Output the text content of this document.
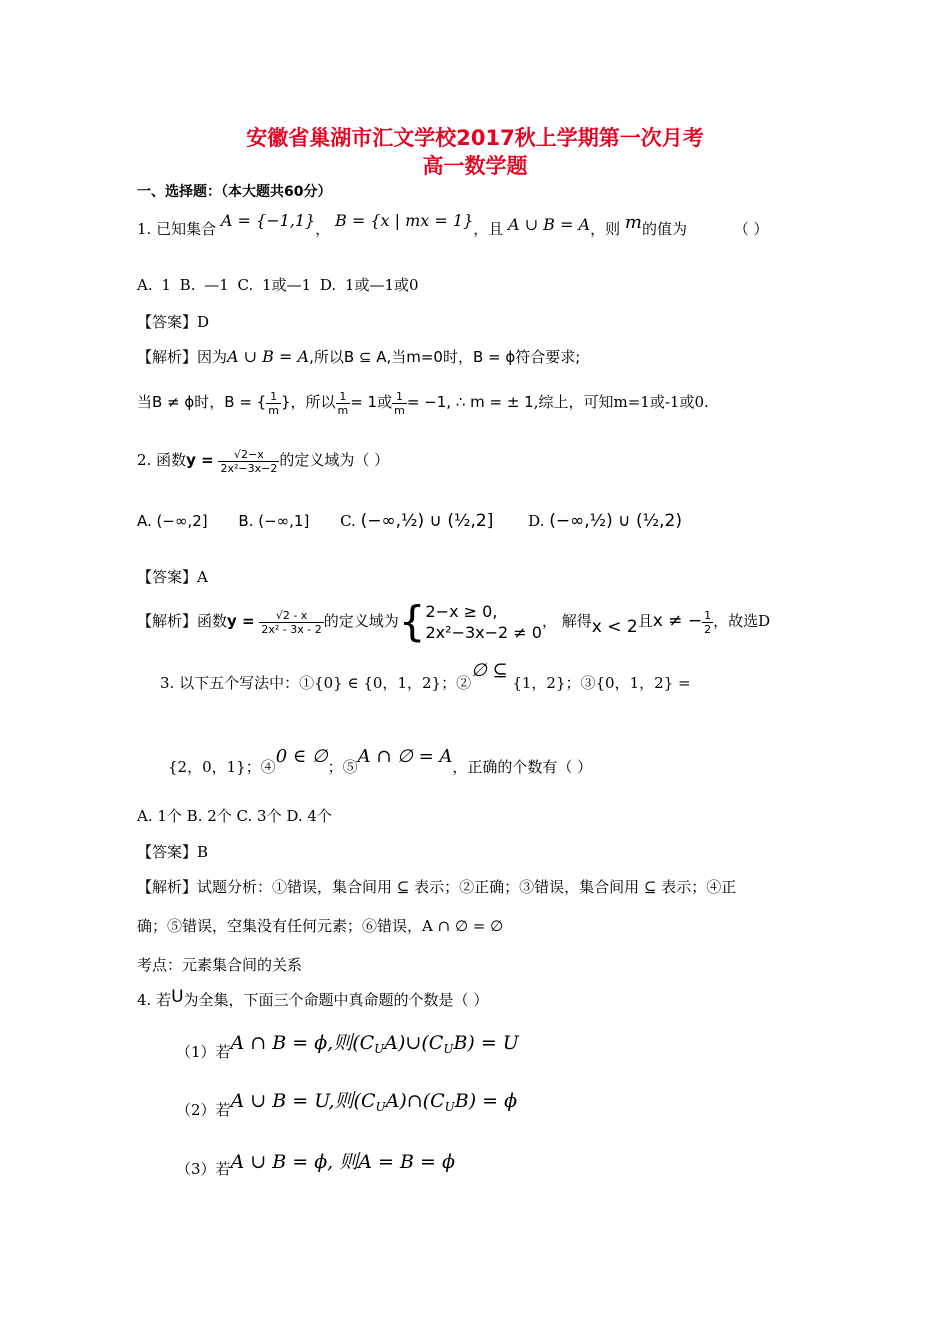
安徽省巢湖市汇文学校2017秋上学期第一次月考
高一数学题
一、选择题：（本大题共60分）
1. 已知集合 A = {−1,1}， B = {x | mx = 1}，且 A ∪ B = A，则 m的值为	（ ）
A. 1 B. —1 C. 1或—1 D. 1或—1或0
【答案】D
【解析】因为A ∪ B = A,所以B ⊆ A,当m=0时，B = ϕ符合要求;
当B ≠ ϕ时，B = { $\frac{1}{m}$ }，所以 $\frac{1}{m} = 1$或 $\frac{1}{m} = -1$, ∴ m = ± 1,综上，可知m=1或-1或0.
2. 函数$y = \frac{√2-x}{\text{2x²−3x−2}}$ 的定义域为（ ）
A. (−∞,2] B. (−∞,1] C. (−∞,½) ∪ (½,2] D. (−∞,½) ∪ (½,2)
【答案】A
【解析】函数$y = \frac{√2 - x}{\text{2x² - 3x - 2}}$ 的定义域为{ 2−x ≥ 0,
2x²−3x−2 ≠ 0
， 解得x < 2且x ≠ − $\frac{1}{2}$ ，故选D
3. 以下五个写法中：①{0} ∈ {0，1，2}；②∅ ⊆ {1，2}；③{0，1，2} =
{2，0，1}；④0 ∈ ∅；⑤A ∩ ∅ = A，正确的个数有（ ）
A. 1个 B. 2个 C. 3个 D. 4个
【答案】B
【解析】试题分析：①错误，集合间用 ⊆ 表示；②正确；③错误，集合间用 ⊆ 表示；④正
确；⑤错误，空集没有任何元素；⑥错误，A ∩ ∅ = ∅
考点：元素集合间的关系
4. 若U为全集，下面三个命题中真命题的个数是（ ）
（1）若A ∩ B = ϕ,则$(C_UA)\cup(C_UB) = U$
（2）若A ∪ B = U,则$(C_UA)\cap(C_UB) = \phi$
（3）若A ∪ B = ϕ, 则A = B = ϕ
